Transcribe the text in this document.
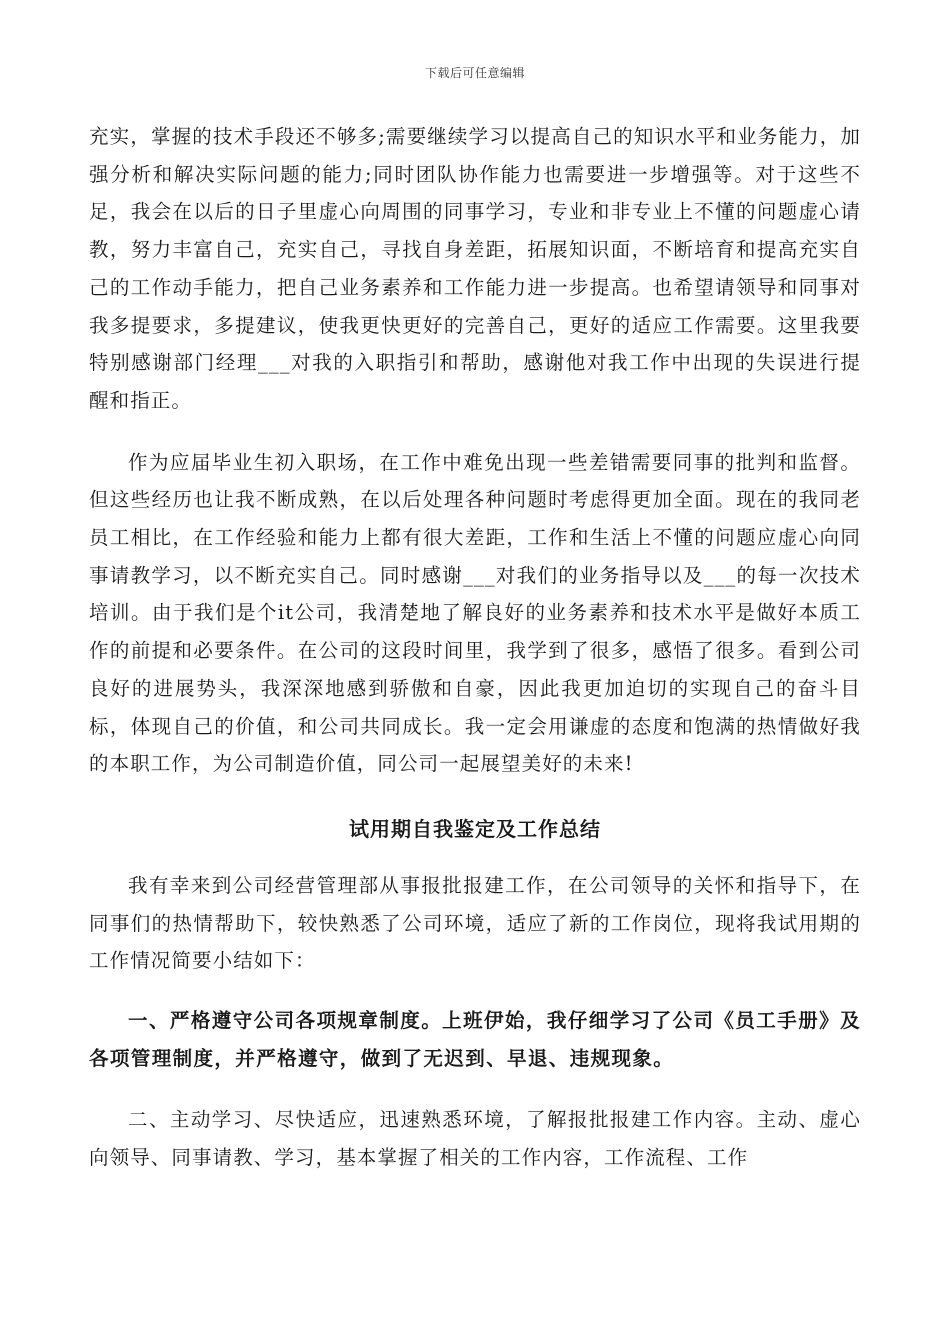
下载后可任意编辑

充实，掌握的技术手段还不够多;需要继续学习以提高自己的知识水平和业务能力，加强分析和解决实际问题的能力;同时团队协作能力也需要进一步增强等。对于这些不足，我会在以后的日子里虚心向周围的同事学习，专业和非专业上不懂的问题虚心请教，努力丰富自己，充实自己，寻找自身差距，拓展知识面，不断培育和提高充实自己的工作动手能力，把自己业务素养和工作能力进一步提高。也希望请领导和同事对我多提要求，多提建议，使我更快更好的完善自己，更好的适应工作需要。这里我要特别感谢部门经理___对我的入职指引和帮助，感谢他对我工作中出现的失误进行提醒和指正。

作为应届毕业生初入职场，在工作中难免出现一些差错需要同事的批判和监督。但这些经历也让我不断成熟，在以后处理各种问题时考虑得更加全面。现在的我同老员工相比，在工作经验和能力上都有很大差距，工作和生活上不懂的问题应虚心向同事请教学习，以不断充实自己。同时感谢___对我们的业务指导以及___的每一次技术培训。由于我们是个it公司，我清楚地了解良好的业务素养和技术水平是做好本质工作的前提和必要条件。在公司的这段时间里，我学到了很多，感悟了很多。看到公司良好的进展势头，我深深地感到骄傲和自豪，因此我更加迫切的实现自己的奋斗目标，体现自己的价值，和公司共同成长。我一定会用谦虚的态度和饱满的热情做好我的本职工作，为公司制造价值，同公司一起展望美好的未来!

试用期自我鉴定及工作总结

我有幸来到公司经营管理部从事报批报建工作，在公司领导的关怀和指导下，在同事们的热情帮助下，较快熟悉了公司环境，适应了新的工作岗位，现将我试用期的工作情况简要小结如下：

一、严格遵守公司各项规章制度。上班伊始，我仔细学习了公司《员工手册》及各项管理制度，并严格遵守，做到了无迟到、早退、违规现象。

二、主动学习、尽快适应，迅速熟悉环境，了解报批报建工作内容。主动、虚心向领导、同事请教、学习，基本掌握了相关的工作内容，工作流程、工作
